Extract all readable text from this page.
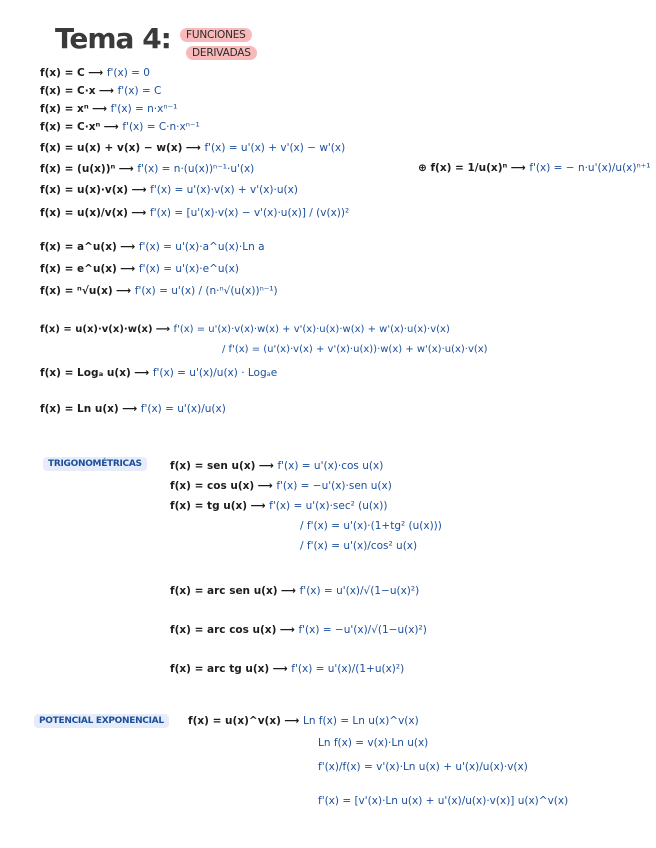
Tema 4:	FUNCIONES
DERIVADAS
f(x) = C ⟶ f'(x) = 0
f(x) = C·x ⟶ f'(x) = C
f(x) = xⁿ ⟶ f'(x) = n·xⁿ⁻¹
f(x) = C·xⁿ ⟶ f'(x) = C·n·xⁿ⁻¹
f(x) = u(x) + v(x) − w(x) ⟶ f'(x) = u'(x) + v'(x) − w'(x)
f(x) = (u(x))ⁿ ⟶ f'(x) = n·(u(x))ⁿ⁻¹·u'(x)
f(x) = u(x)·v(x) ⟶ f'(x) = u'(x)·v(x) + v'(x)·u(x)
f(x) = u(x)/v(x) ⟶ f'(x) = [u'(x)·v(x) − v'(x)·u(x)] / (v(x))²
f(x) = a^u(x) ⟶ f'(x) = u'(x)·a^u(x)·Ln a
f(x) = e^u(x) ⟶ f'(x) = u'(x)·e^u(x)
f(x) = ⁿ√u(x) ⟶ f'(x) = u'(x) / (n·ⁿ√(u(x))ⁿ⁻¹)
f(x) = u(x)·v(x)·w(x) ⟶ f'(x) = u'(x)·v(x)·w(x) + v'(x)·u(x)·w(x) + w'(x)·u(x)·v(x)
/ f'(x) = (u'(x)·v(x) + v'(x)·u(x))·w(x) + w'(x)·u(x)·v(x)
f(x) = Logₐ u(x) ⟶ f'(x) = u'(x)/u(x) · Logₐe
f(x) = Ln u(x) ⟶ f'(x) = u'(x)/u(x)
⊕ f(x) = 1/u(x)ⁿ ⟶ f'(x) = − n·u'(x)/u(x)ⁿ⁺¹
TRIGONOMÉTRICAS	f(x) = sen u(x) ⟶ f'(x) = u'(x)·cos u(x)
f(x) = cos u(x) ⟶ f'(x) = −u'(x)·sen u(x)
f(x) = tg u(x) ⟶ f'(x) = u'(x)·sec² (u(x))
/ f'(x) = u'(x)·(1+tg² (u(x)))
/ f'(x) = u'(x)/cos² u(x)
f(x) = arc sen u(x) ⟶ f'(x) = u'(x)/√(1−u(x)²)
f(x) = arc cos u(x) ⟶ f'(x) = −u'(x)/√(1−u(x)²)
f(x) = arc tg u(x) ⟶ f'(x) = u'(x)/(1+u(x)²)
POTENCIAL EXPONENCIAL	f(x) = u(x)^v(x) ⟶ Ln f(x) = Ln u(x)^v(x)
Ln f(x) = v(x)·Ln u(x)
f'(x)/f(x) = v'(x)·Ln u(x) + u'(x)/u(x)·v(x)
f'(x) = [v'(x)·Ln u(x) + u'(x)/u(x)·v(x)] u(x)^v(x)
